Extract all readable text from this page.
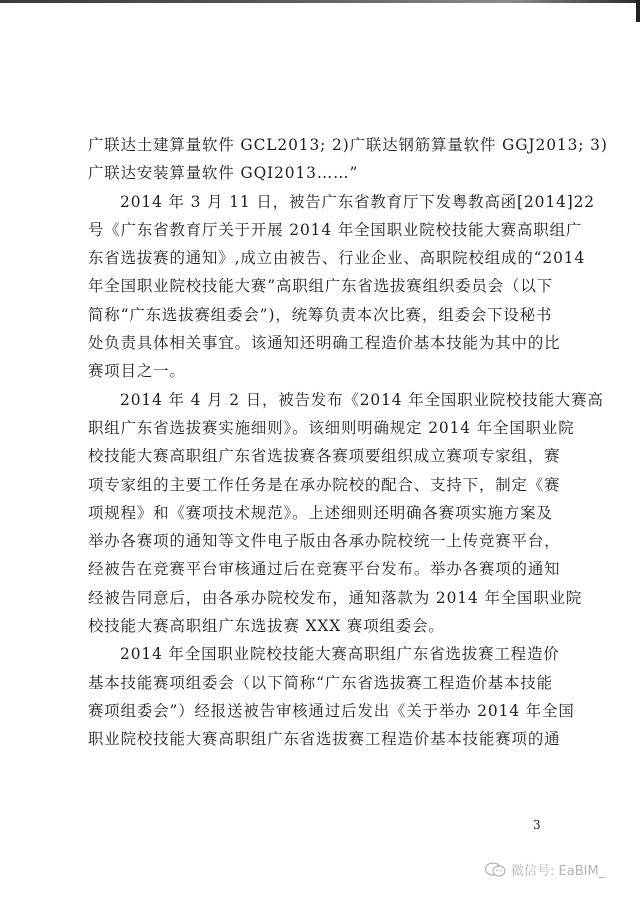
广联达土建算量软件 GCL2013; 2)广联达钢筋算量软件 GGJ2013; 3)
广联达安装算量软件 GQI2013……”
2014 年 3 月 11 日，被告广东省教育厅下发粤教高函[2014]22
号《广东省教育厅关于开展 2014 年全国职业院校技能大赛高职组广
东省选拔赛的通知》,成立由被告、行业企业、高职院校组成的“2014
年全国职业院校技能大赛”高职组广东省选拔赛组织委员会（以下
简称“广东选拔赛组委会”)，统筹负责本次比赛，组委会下设秘书
处负责具体相关事宜。该通知还明确工程造价基本技能为其中的比
赛项目之一。
2014 年 4 月 2 日，被告发布《2014 年全国职业院校技能大赛高
职组广东省选拔赛实施细则》。该细则明确规定 2014 年全国职业院
校技能大赛高职组广东省选拔赛各赛项要组织成立赛项专家组，赛
项专家组的主要工作任务是在承办院校的配合、支持下，制定《赛
项规程》和《赛项技术规范》。上述细则还明确各赛项实施方案及
举办各赛项的通知等文件电子版由各承办院校统一上传竞赛平台，
经被告在竞赛平台审核通过后在竞赛平台发布。举办各赛项的通知
经被告同意后，由各承办院校发布，通知落款为 2014 年全国职业院
校技能大赛高职组广东选拔赛 XXX 赛项组委会。
2014 年全国职业院校技能大赛高职组广东省选拔赛工程造价
基本技能赛项组委会（以下简称“广东省选拔赛工程造价基本技能
赛项组委会”）经报送被告审核通过后发出《关于举办 2014 年全国
职业院校技能大赛高职组广东省选拔赛工程造价基本技能赛项的通
3
微信号: EaBIM_
